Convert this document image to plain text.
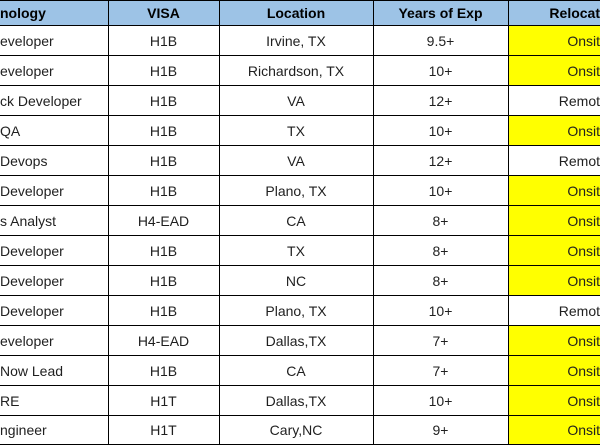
nology	VISA	Location	Years of Exp	Relocat
eveloper	H1B	Irvine, TX	9.5+	Onsit
eveloper	H1B	Richardson, TX	10+	Onsit
ck Developer	H1B	VA	12+	Remot
QA	H1B	TX	10+	Onsit
Devops	H1B	VA	12+	Remot
Developer	H1B	Plano, TX	10+	Onsit
s Analyst	H4-EAD	CA	8+	Onsit
Developer	H1B	TX	8+	Onsit
Developer	H1B	NC	8+	Onsit
Developer	H1B	Plano, TX	10+	Remot
eveloper	H4-EAD	Dallas,TX	7+	Onsit
Now Lead	H1B	CA	7+	Onsit
RE	H1T	Dallas,TX	10+	Onsit
ngineer	H1T	Cary,NC	9+	Onsit
